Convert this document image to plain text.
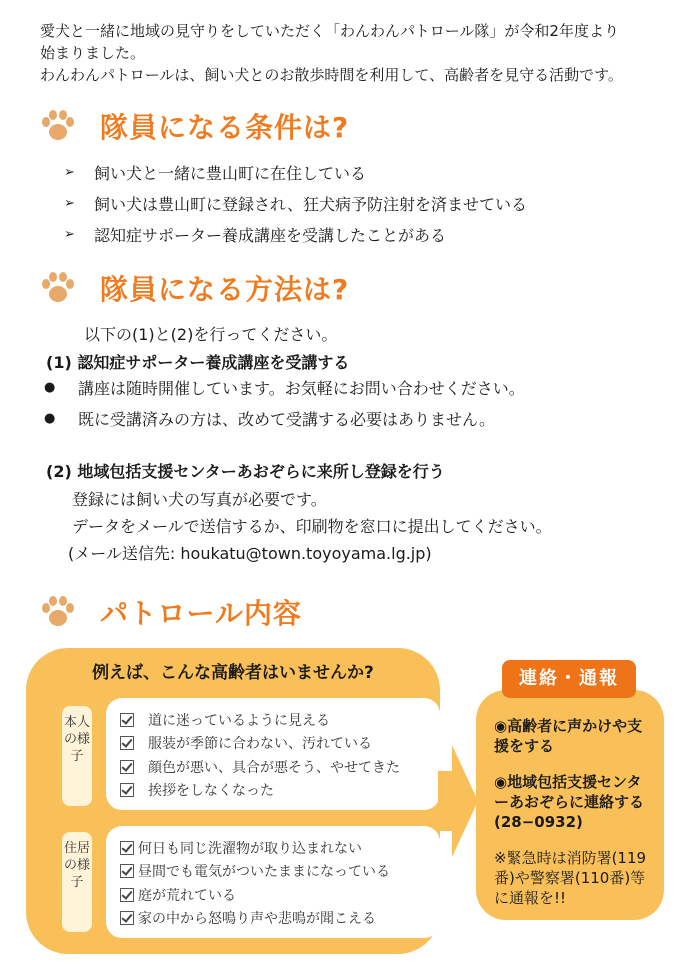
愛犬と一緒に地域の見守りをしていただく「わんわんパトロール隊」が令和2年度より

始まりました。

わんわんパトロールは、飼い犬とのお散歩時間を利用して、高齢者を見守る活動です。

隊員になる条件は?
➢	飼い犬と一緒に豊山町に在住している
➢	飼い犬は豊山町に登録され、狂犬病予防注射を済ませている
➢	認知症サポーター養成講座を受講したことがある
隊員になる方法は?
以下の(1)と(2)を行ってください。
(1) 認知症サポーター養成講座を受講する
●	講座は随時開催しています。お気軽にお問い合わせください。
●	既に受講済みの方は、改めて受講する必要はありません。
(2) 地域包括支援センターあおぞらに来所し登録を行う
登録には飼い犬の写真が必要です。
データをメールで送信するか、印刷物を窓口に提出してください。
(メール送信先: houkatu@town.toyoyama.lg.jp)
パトロール内容
例えば、こんな高齢者はいませんか?
本人の様子
道に迷っているように見える
服装が季節に合わない、汚れている
顔色が悪い、具合が悪そう、やせてきた
挨拶をしなくなった
住居の様子
何日も同じ洗濯物が取り込まれない
昼間でも電気がついたままになっている
庭が荒れている
家の中から怒鳴り声や悲鳴が聞こえる

◉高齢者に声かけや支援をする

◉地域包括支援センターあおぞらに連絡する(28−0932)

※緊急時は消防署(119番)や警察署(110番)等に通報を!!

連絡・通報
